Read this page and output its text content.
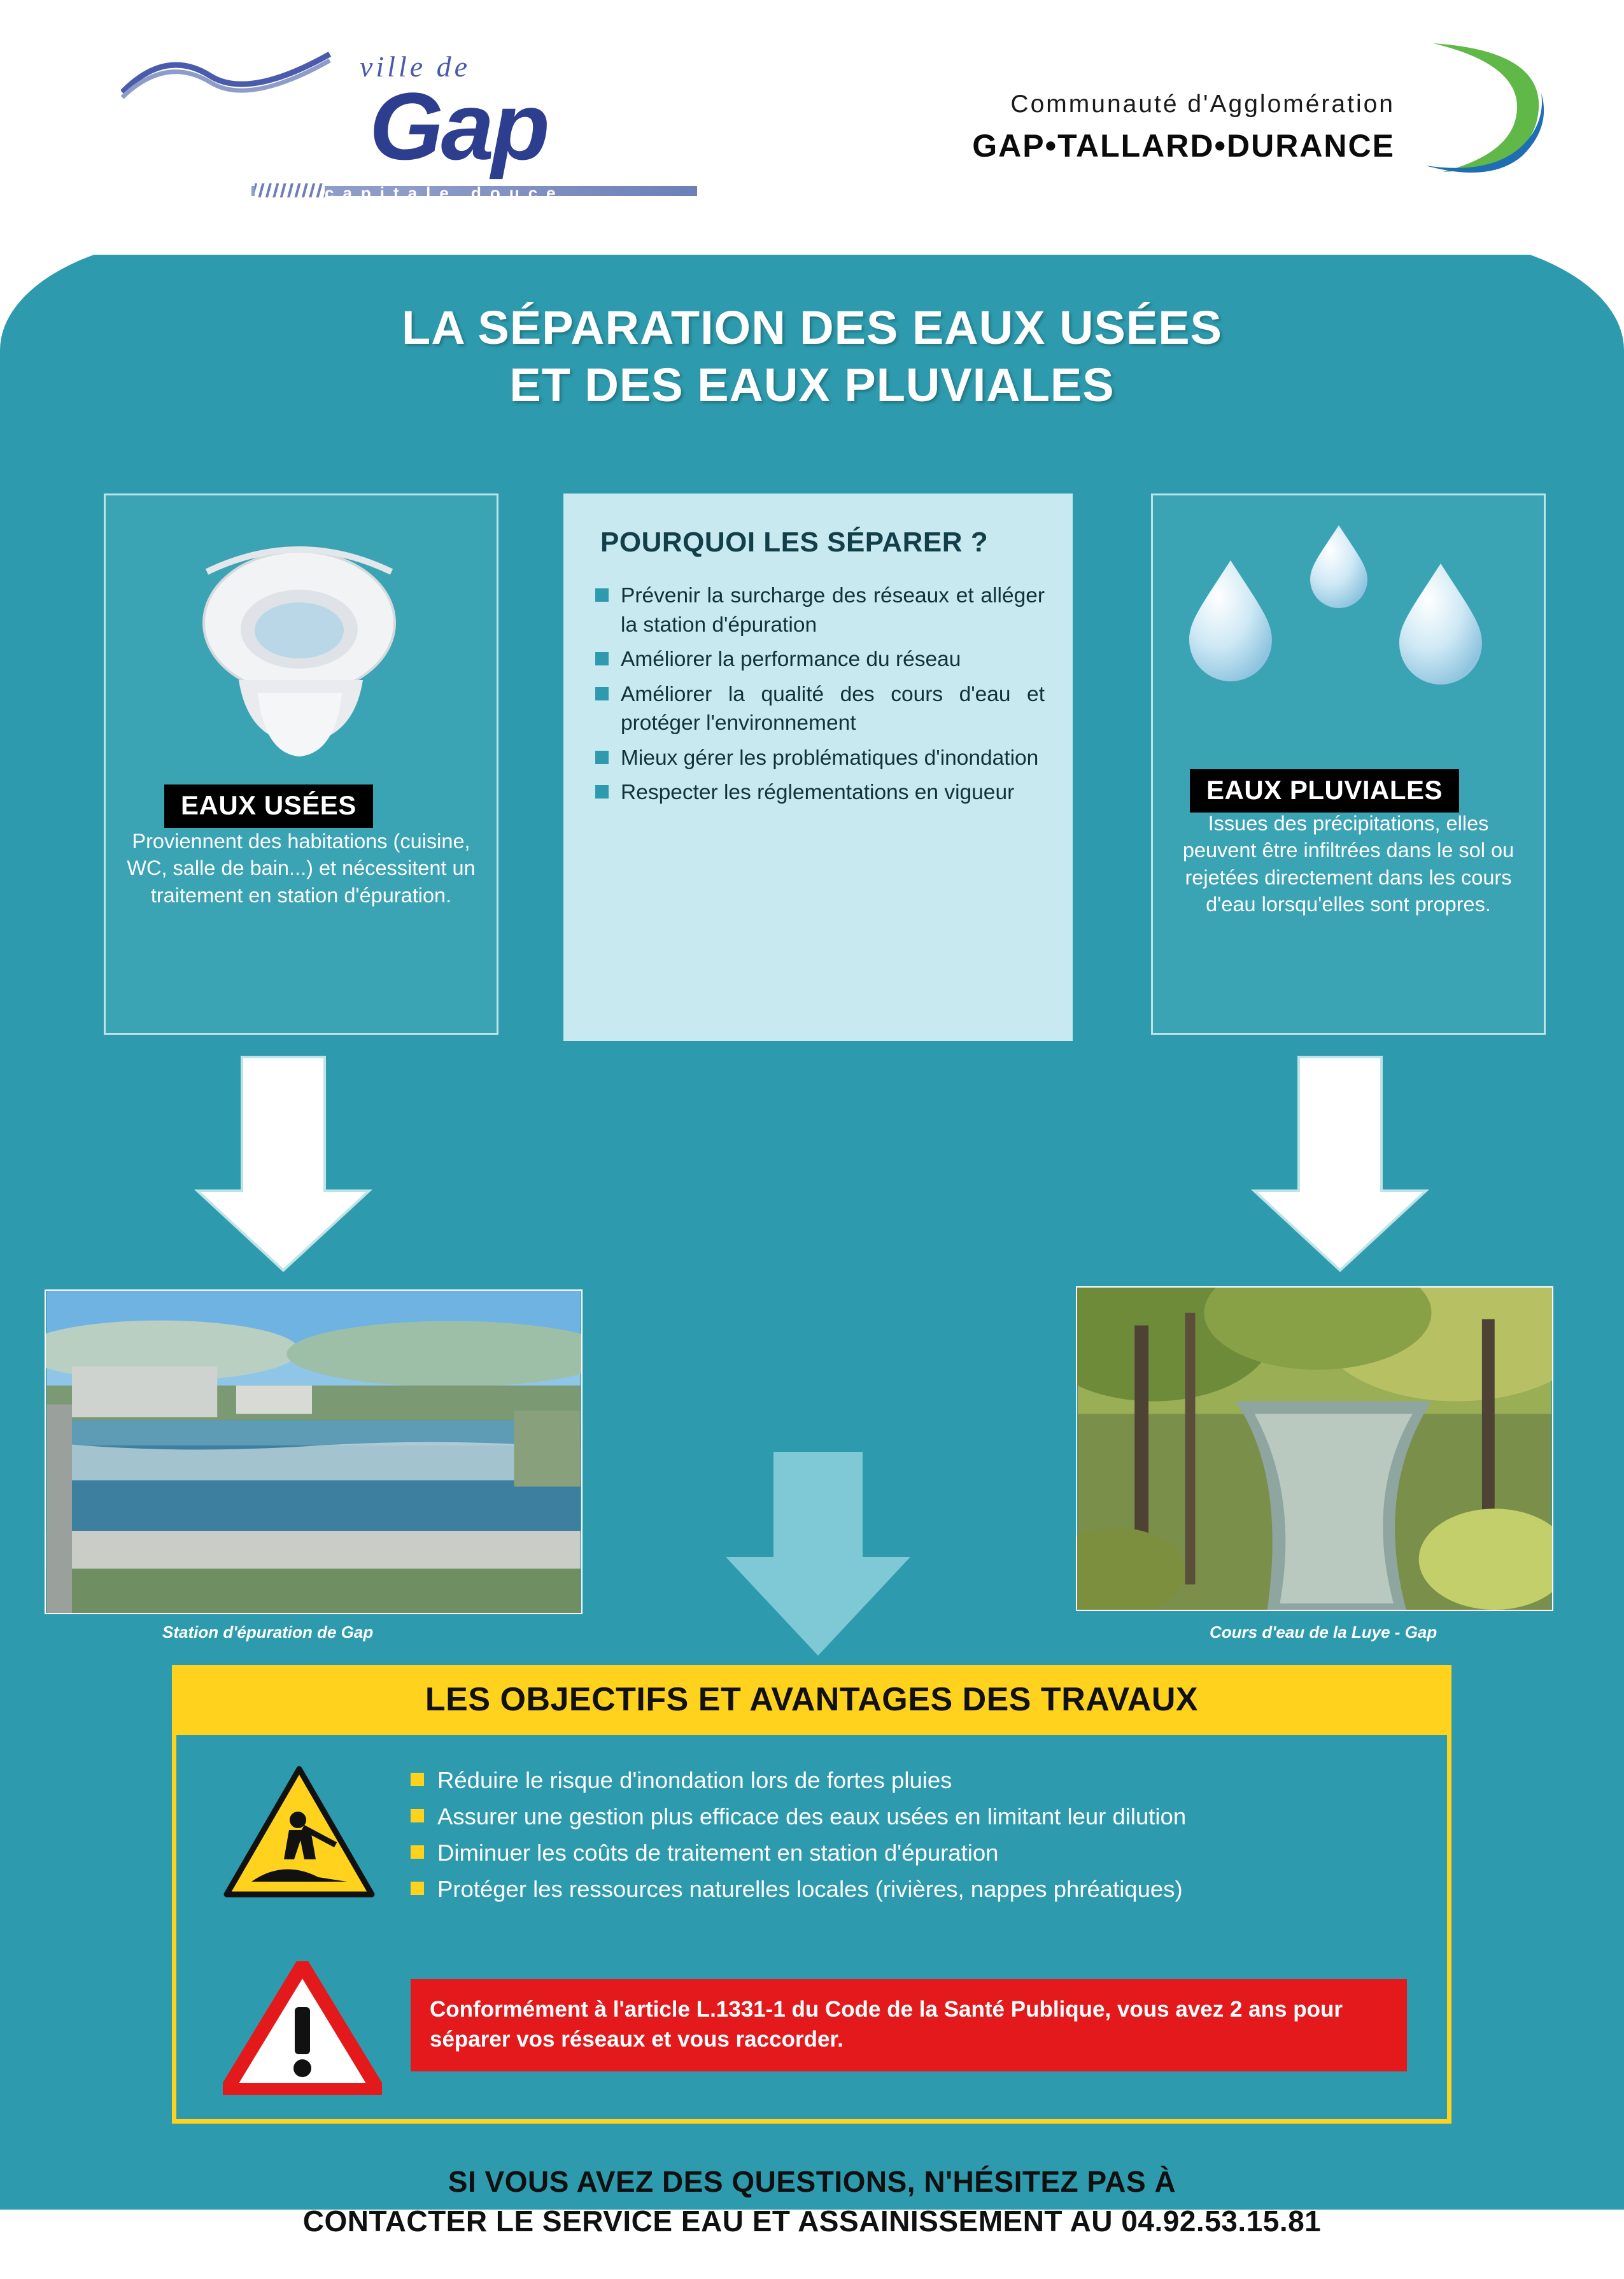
ville de
Gap
capitale douce
Communauté d'Agglomération
GAP•TALLARD•DURANCE
LA SÉPARATION DES EAUX USÉES
ET DES EAUX PLUVIALES
EAUX USÉES
Proviennent des habitations (cuisine, WC, salle de bain...) et nécessitent un traitement en station d'épuration.
POURQUOI LES SÉPARER ?
Prévenir la surcharge des réseaux et alléger la station d'épuration
Améliorer la performance du réseau
Améliorer la qualité des cours d'eau et protéger l'environnement
Mieux gérer les problématiques d'inondation
Respecter les réglementations en vigueur	EAUX PLUVIALES
Issues des précipitations, elles peuvent être infiltrées dans le sol ou rejetées directement dans les cours d'eau lorsqu'elles sont propres.
Station d'épuration de Gap	Cours d'eau de la Luye - Gap
LES OBJECTIFS ET AVANTAGES DES TRAVAUX
Réduire le risque d'inondation lors de fortes pluies
Assurer une gestion plus efficace des eaux usées en limitant leur dilution
Diminuer les coûts de traitement en station d'épuration
Protéger les ressources naturelles locales (rivières, nappes phréatiques)
Conformément à l'article L.1331-1 du Code de la Santé Publique, vous avez 2 ans pour séparer vos réseaux et vous raccorder.
SI VOUS AVEZ DES QUESTIONS, N'HÉSITEZ PAS À
CONTACTER LE SERVICE EAU ET ASSAINISSEMENT AU 04.92.53.15.81
